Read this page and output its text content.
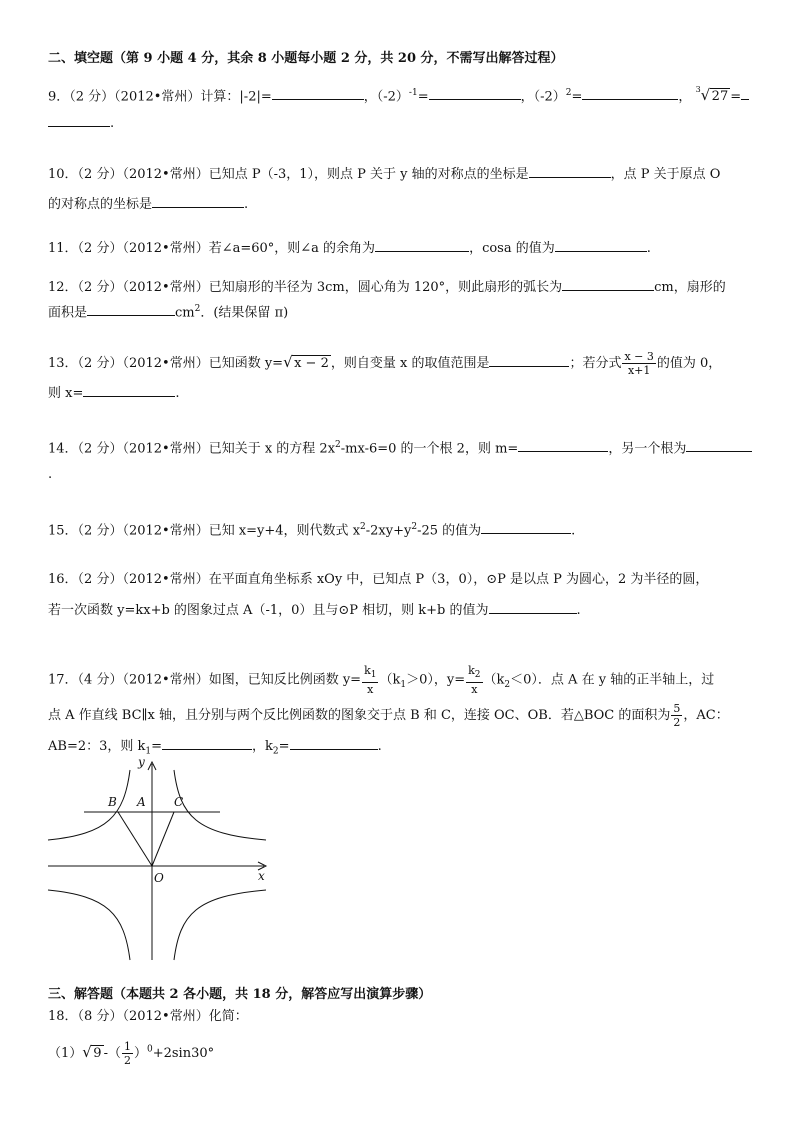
二、填空题（第 9 小题 4 分，其余 8 小题每小题 2 分，共 20 分，不需写出解答过程）
9．（2 分）（2012•常州）计算：|-2|=	，$(-2)^{-1}=$	，$(-2)^2=$	， $^3$ √ 27 =
.
10．（2 分）（2012•常州）已知点 P（-3，1），则点 P 关于 y 轴的对称点的坐标是	，点 P 关于原点 O
的对称点的坐标是	.
11．（2 分）（2012•常州）若∠a=60°，则∠a 的余角为	，cosa 的值为	.
12．（2 分）（2012•常州）已知扇形的半径为 3cm，圆心角为 120°，则此扇形的弧长为	cm，扇形的
面积是	$cm^2$．(结果保留 π)
13．（2 分）（2012•常州）已知函数 y= √ x − 2 ，则自变量 x 的取值范围是	；若分式 $\frac{x - 3}{x+1}$ 的值为 0，
则 x=	.
14．（2 分）（2012•常州）已知关于 x 的方程 $2x^2-mx-6=0$ 的一个根 2，则 m=	，另一个根为
.
15．（2 分）（2012•常州）已知 x=y+4，则代数式 $x^2-2xy+y^2-25$ 的值为	.
16．（2 分）（2012•常州）在平面直角坐标系 xOy 中，已知点 P（3，0），⊙P 是以点 P 为圆心，2 为半径的圆，
若一次函数 y=kx+b 的图象过点 A（-1，0）且与⊙P 相切，则 k+b 的值为	.
17．（4 分）（2012•常州）如图，已知反比例函数 $y= \frac{k_1}{x} (k_1>0)$，$y= \frac{k_2}{x} (k_2<0)$．点 A 在 y 轴的正半轴上，过
点 A 作直线 BC∥x 轴，且分别与两个反比例函数的图象交于点 B 和 C，连接 OC、OB．若△BOC 的面积为 $\frac{5}{2}$ ，AC：
AB=2：3，则 $k_1=$	，$k_2=$	.
y
x
O
B A C
三、解答题（本题共 2 各小题，共 18 分，解答应写出演算步骤）
18．（8 分）（2012•常州）化简：
（1） √ 9 -（ $\frac{1}{2} )^0+2\sin 30^\circ$
